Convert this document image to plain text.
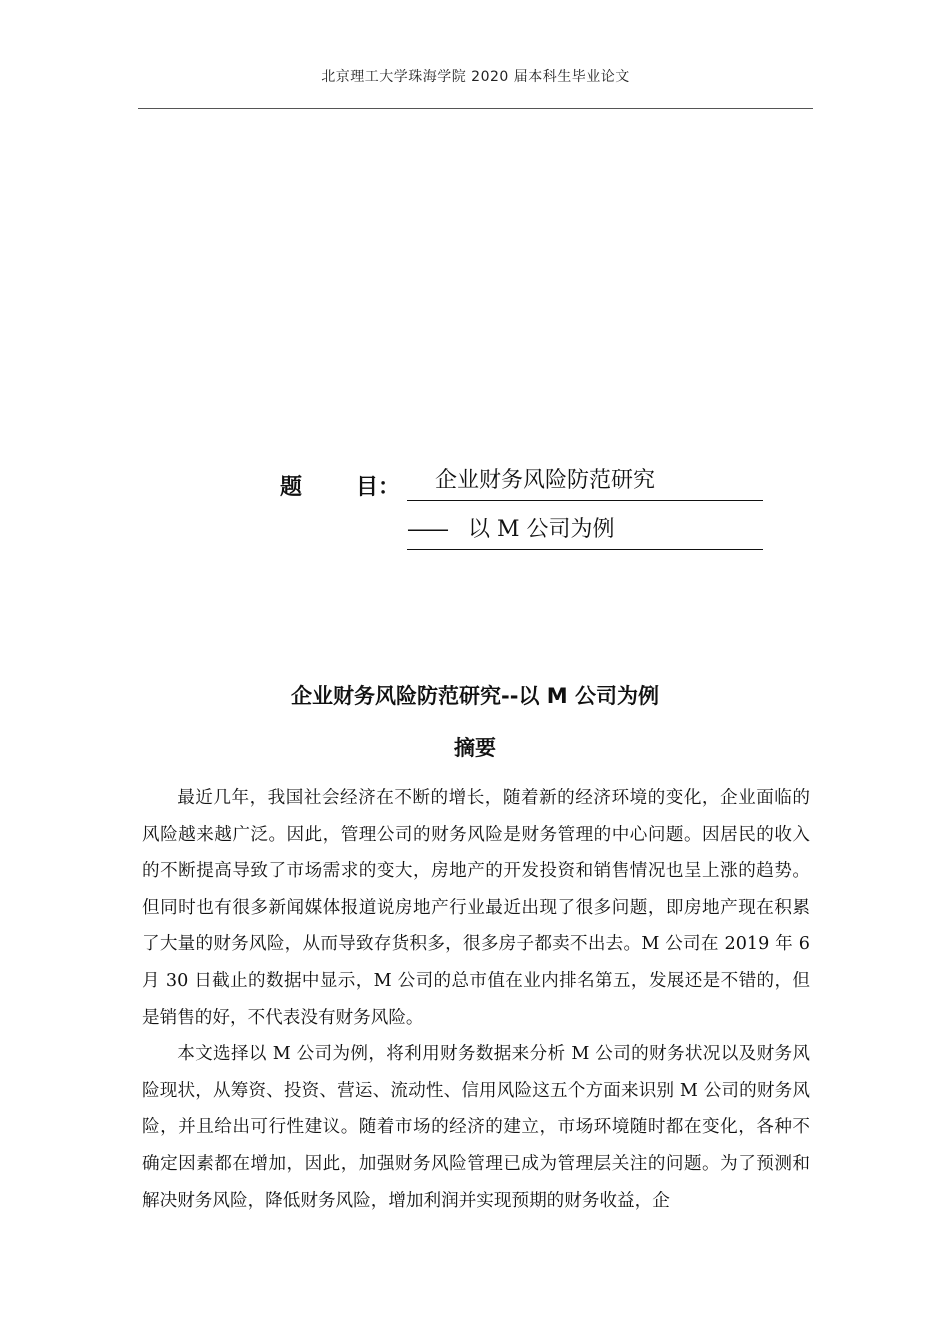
北京理工大学珠海学院 2020 届本科生毕业论文
题 目：	企业财务风险防范研究
—— 以 M 公司为例
企业财务风险防范研究--以 M 公司为例
摘要

最近几年，我国社会经济在不断的增长，随着新的经济环境的变化，企业面临的风险越来越广泛。因此，管理公司的财务风险是财务管理的中心问题。因居民的收入的不断提高导致了市场需求的变大，房地产的开发投资和销售情况也呈上涨的趋势。但同时也有很多新闻媒体报道说房地产行业最近出现了很多问题，即房地产现在积累了大量的财务风险，从而导致存货积多，很多房子都卖不出去。M 公司在 2019 年 6 月 30 日截止的数据中显示，M 公司的总市值在业内排名第五，发展还是不错的，但是销售的好，不代表没有财务风险。

本文选择以 M 公司为例，将利用财务数据来分析 M 公司的财务状况以及财务风险现状，从筹资、投资、营运、流动性、信用风险这五个方面来识别 M 公司的财务风险，并且给出可行性建议。随着市场的经济的建立，市场环境随时都在变化，各种不确定因素都在增加，因此，加强财务风险管理已成为管理层关注的问题。为了预测和解决财务风险，降低财务风险，增加利润并实现预期的财务收益，企
